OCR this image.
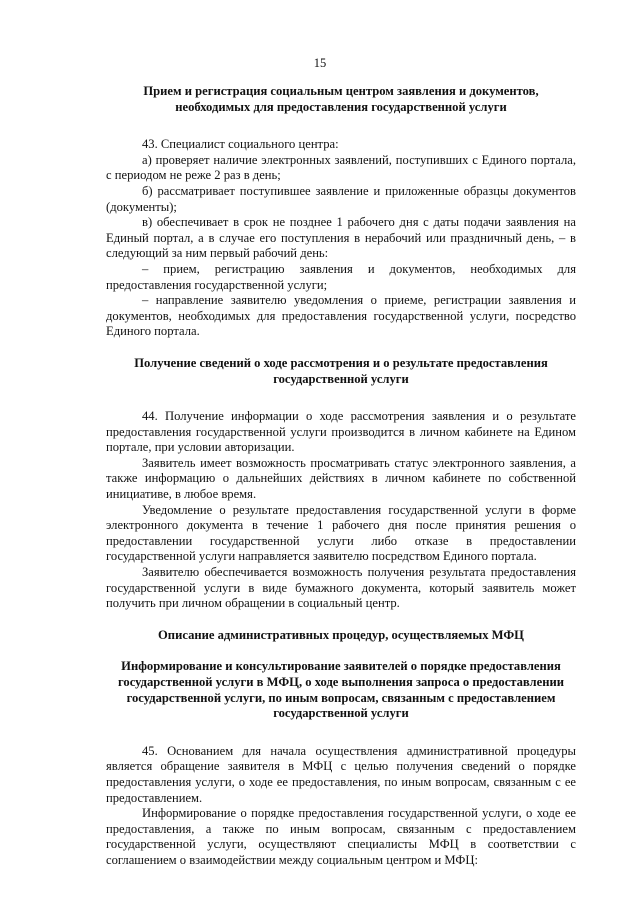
15
Прием и регистрация социальным центром заявления и документов, необходимых для предоставления государственной услуги

43. Специалист социального центра:

а) проверяет наличие электронных заявлений, поступивших с Единого портала, с периодом не реже 2 раз в день;

б) рассматривает поступившее заявление и приложенные образцы документов (документы);

в) обеспечивает в срок не позднее 1 рабочего дня с даты подачи заявления на Единый портал, а в случае его поступления в нерабочий или праздничный день, – в следующий за ним первый рабочий день:

– прием, регистрацию заявления и документов, необходимых для предоставления государственной услуги;

– направление заявителю уведомления о приеме, регистрации заявления и документов, необходимых для предоставления государственной услуги, посредство Единого портала.

Получение сведений о ходе рассмотрения и о результате предоставления государственной услуги

44. Получение информации о ходе рассмотрения заявления и о результате предоставления государственной услуги производится в личном кабинете на Едином портале, при условии авторизации.

Заявитель имеет возможность просматривать статус электронного заявления, а также информацию о дальнейших действиях в личном кабинете по собственной инициативе, в любое время.

Уведомление о результате предоставления государственной услуги в форме электронного документа в течение 1 рабочего дня после принятия решения о предоставлении государственной услуги либо отказе в предоставлении государственной услуги направляется заявителю посредством Единого портала.

Заявителю обеспечивается возможность получения результата предоставления государственной услуги в виде бумажного документа, который заявитель может получить при личном обращении в социальный центр.

Описание административных процедур, осуществляемых МФЦ
Информирование и консультирование заявителей о порядке предоставления государственной услуги в МФЦ, о ходе выполнения запроса о предоставлении государственной услуги, по иным вопросам, связанным с предоставлением государственной услуги

45. Основанием для начала осуществления административной процедуры является обращение заявителя в МФЦ с целью получения сведений о порядке предоставления услуги, о ходе ее предоставления, по иным вопросам, связанным с ее предоставлением.

Информирование о порядке предоставления государственной услуги, о ходе ее предоставления, а также по иным вопросам, связанным с предоставлением государственной услуги, осуществляют специалисты МФЦ в соответствии с соглашением о взаимодействии между социальным центром и МФЦ:
